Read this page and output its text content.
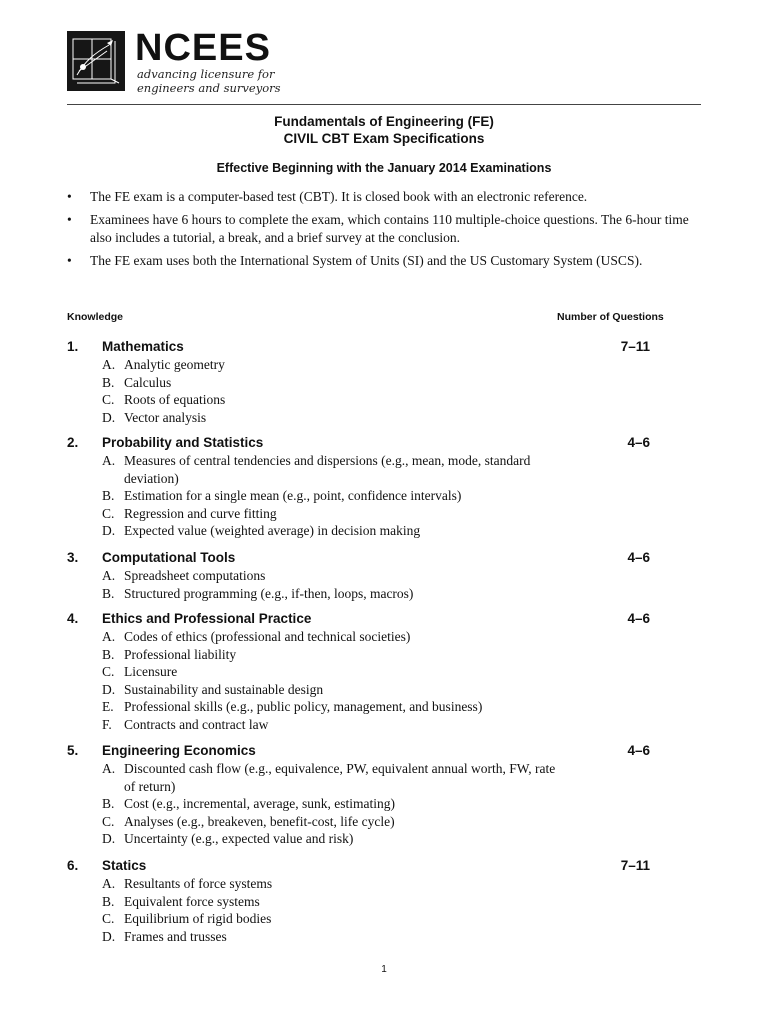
NCEES
advancing licensure for
engineers and surveyors
Fundamentals of Engineering (FE)
CIVIL CBT Exam Specifications
Effective Beginning with the January 2014 Examinations
• The FE exam is a computer-based test (CBT). It is closed book with an electronic reference.
• Examinees have 6 hours to complete the exam, which contains 110 multiple-choice questions. The 6-hour time also includes a tutorial, a break, and a brief survey at the conclusion.
• The FE exam uses both the International System of Units (SI) and the US Customary System (USCS).
Knowledge	Number of Questions
1. Mathematics	7–11
A. Analytic geometry
B. Calculus
C. Roots of equations
D. Vector analysis
2. Probability and Statistics	4–6
A. Measures of central tendencies and dispersions (e.g., mean, mode, standard deviation)
B. Estimation for a single mean (e.g., point, confidence intervals)
C. Regression and curve fitting
D. Expected value (weighted average) in decision making
3. Computational Tools	4–6
A. Spreadsheet computations
B. Structured programming (e.g., if-then, loops, macros)
4. Ethics and Professional Practice	4–6
A. Codes of ethics (professional and technical societies)
B. Professional liability
C. Licensure
D. Sustainability and sustainable design
E. Professional skills (e.g., public policy, management, and business)
F. Contracts and contract law
5. Engineering Economics	4–6
A. Discounted cash flow (e.g., equivalence, PW, equivalent annual worth, FW, rate of return)
B. Cost (e.g., incremental, average, sunk, estimating)
C. Analyses (e.g., breakeven, benefit-cost, life cycle)
D. Uncertainty (e.g., expected value and risk)
6. Statics	7–11
A. Resultants of force systems
B. Equivalent force systems
C. Equilibrium of rigid bodies
D. Frames and trusses
1
